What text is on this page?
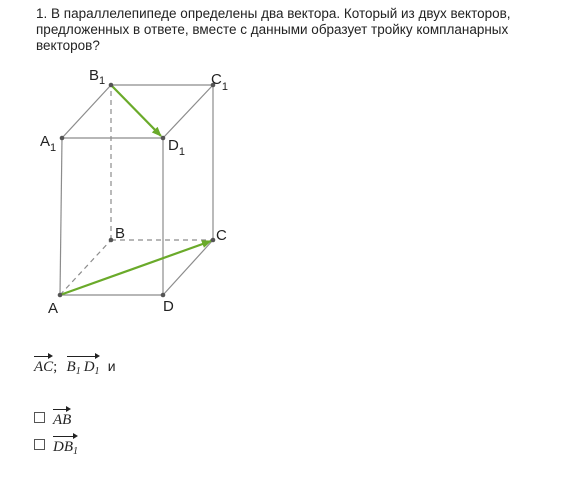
1. В параллелепипеде определены два вектора. Который из двух векторов, предложенных в ответе, вместе с данными образует тройку компланарных векторов?

$B_1$	$C_1$
$A_1$	$D_1$
B	C
A	D
AC; $B_1$ $D_1$ и
AB
$DB_1$
